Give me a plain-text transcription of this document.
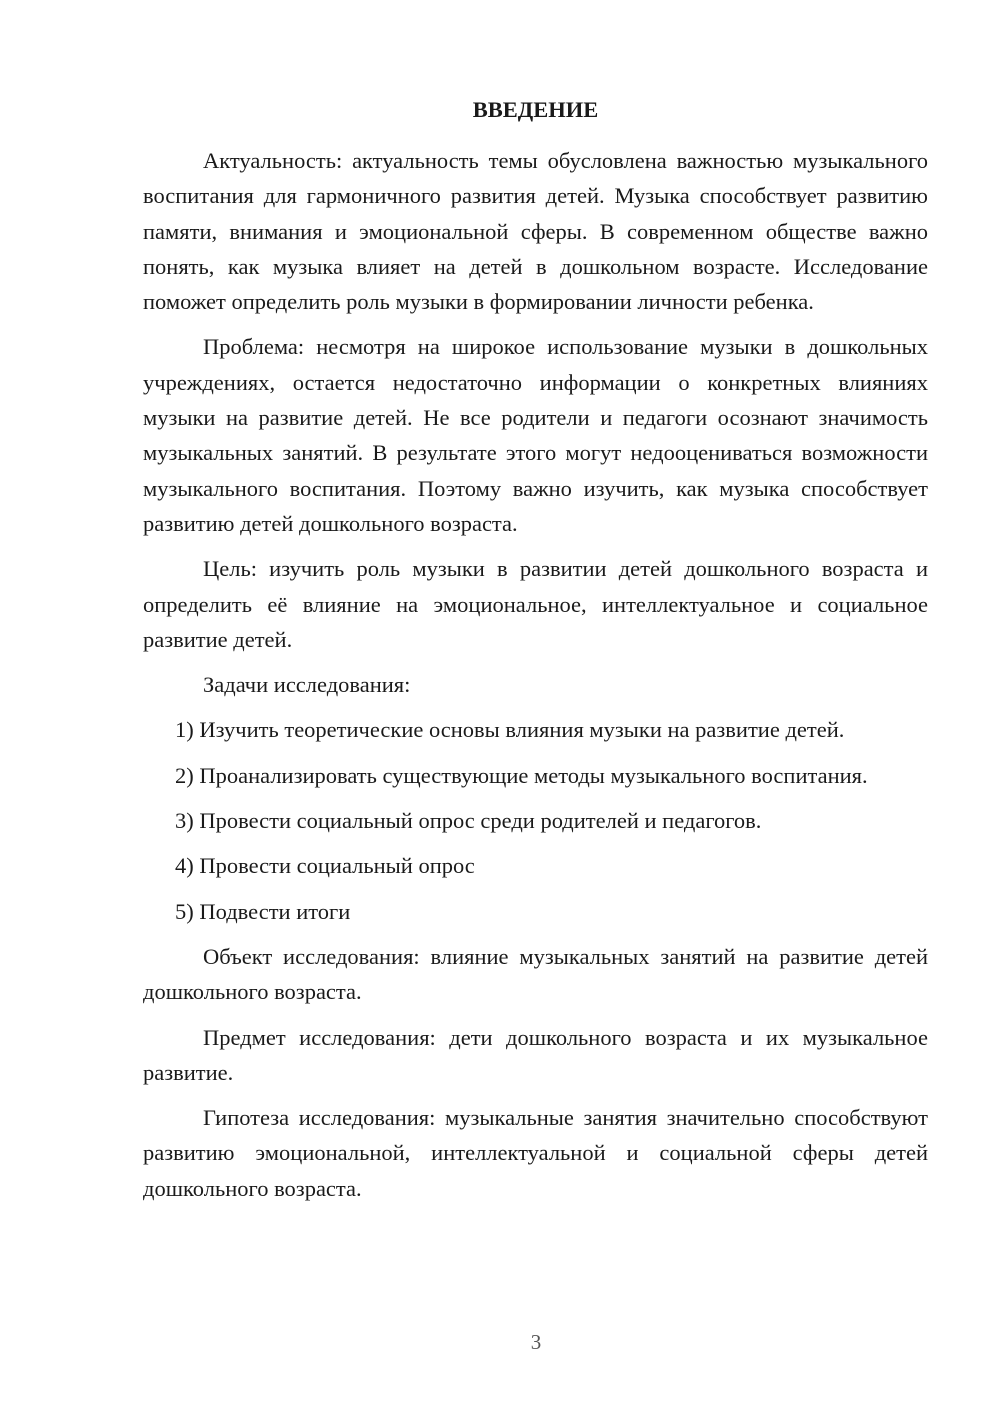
ВВЕДЕНИЕ

Актуальность: актуальность темы обусловлена важностью музыкального воспитания для гармоничного развития детей. Музыка способствует развитию памяти, внимания и эмоциональной сферы. В современном обществе важно понять, как музыка влияет на детей в дошкольном возрасте. Исследование поможет определить роль музыки в формировании личности ребенка.

Проблема: несмотря на широкое использование музыки в дошкольных учреждениях, остается недостаточно информации о конкретных влияниях музыки на развитие детей. Не все родители и педагоги осознают значимость музыкальных занятий. В результате этого могут недооцениваться возможности музыкального воспитания. Поэтому важно изучить, как музыка способствует развитию детей дошкольного возраста.

Цель: изучить роль музыки в развитии детей дошкольного возраста и определить её влияние на эмоциональное, интеллектуальное и социальное развитие детей.

Задачи исследования:

1) Изучить теоретические основы влияния музыки на развитие детей.

2) Проанализировать существующие методы музыкального воспитания.

3) Провести социальный опрос среди родителей и педагогов.

4) Провести социальный опрос

5) Подвести итоги

Объект исследования: влияние музыкальных занятий на развитие детей дошкольного возраста.

Предмет исследования: дети дошкольного возраста и их музыкальное развитие.

Гипотеза исследования: музыкальные занятия значительно способствуют развитию эмоциональной, интеллектуальной и социальной сферы детей дошкольного возраста.

3
